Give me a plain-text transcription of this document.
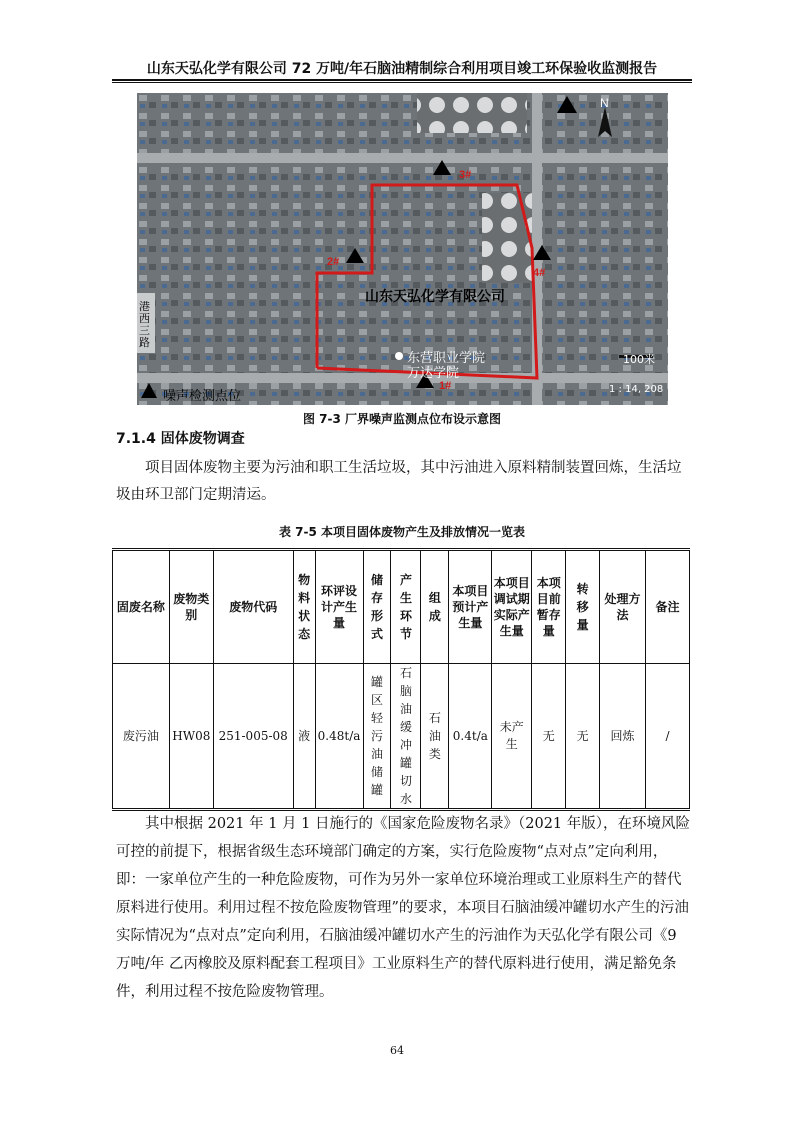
山东天弘化学有限公司 72 万吨/年石脑油精制综合利用项目竣工环保验收监测报告
3#
2#
4#
1#
N
山东天弘化学有限公司
东营职业学院
万达学院
噪声检测点位
100米
1 : 14, 208
港西三路
图 7-3 厂界噪声监测点位布设示意图
7.1.4 固体废物调查
项目固体废物主要为污油和职工生活垃圾，其中污油进入原料精制装置回炼，生活垃圾由环卫部门定期清运。
表 7-5 本项目固体废物产生及排放情况一览表
固废名称	废物类别	废物代码	物料状态	环评设计产生量	储存形式	产生环节	组成	本项目预计产生量	本项目调试期实际产生量	本项目前暂存量	转移量	处理方法	备注
废污油	HW08	251-005-08	液	0.48t/a	罐区轻污油储罐	石脑油缓冲罐切水	石油类	0.4t/a	未产生	无	无	回炼	/
其中根据 2021 年 1 月 1 日施行的《国家危险废物名录》（2021 年版），在环境风险可控的前提下，根据省级生态环境部门确定的方案，实行危险废物“点对点”定向利用，即：一家单位产生的一种危险废物，可作为另外一家单位环境治理或工业原料生产的替代原料进行使用。利用过程不按危险废物管理”的要求，本项目石脑油缓冲罐切水产生的污油实际情况为“点对点”定向利用，石脑油缓冲罐切水产生的污油作为天弘化学有限公司《9 万吨/年 乙丙橡胶及原料配套工程项目》工业原料生产的替代原料进行使用，满足豁免条件，利用过程不按危险废物管理。
64
